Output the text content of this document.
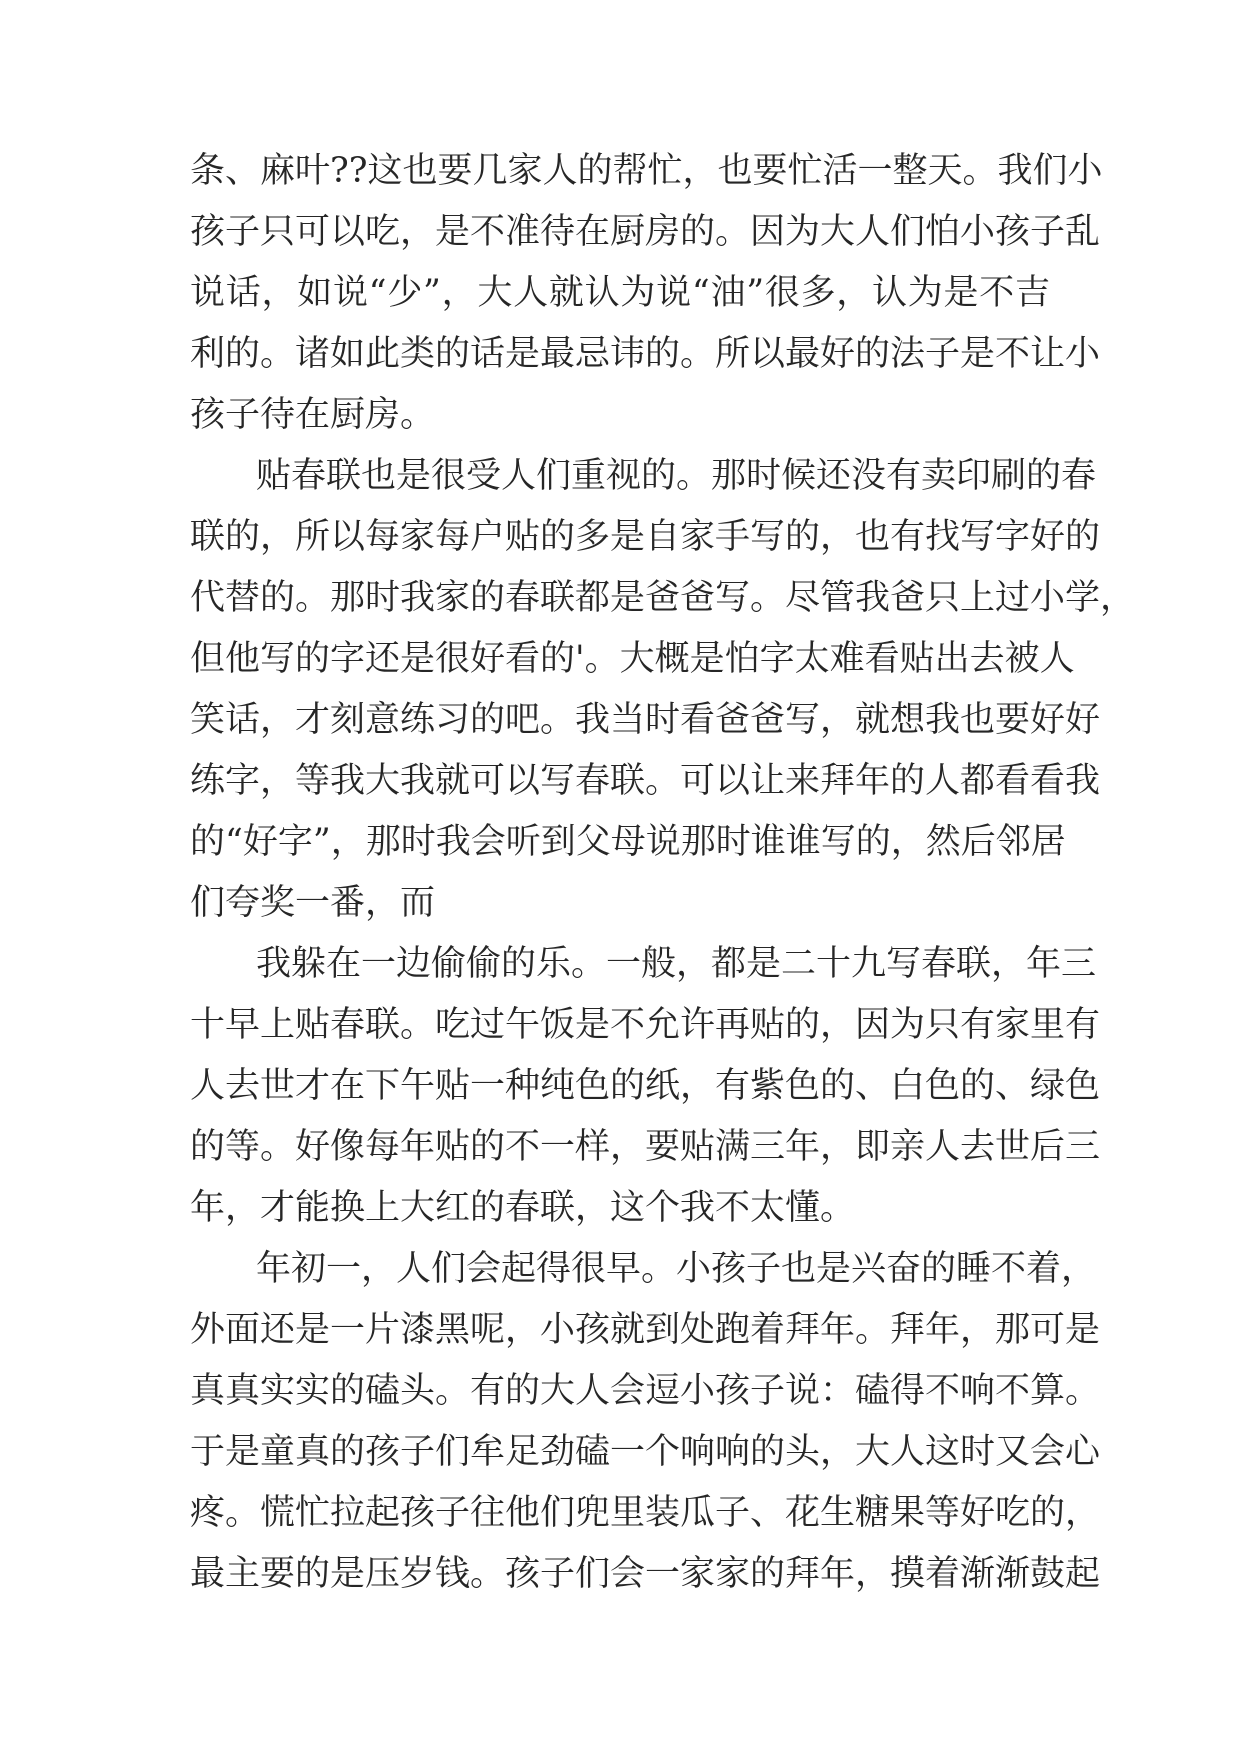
条、麻叶??这也要几家人的帮忙，也要忙活一整天。我们小
孩子只可以吃，是不准待在厨房的。因为大人们怕小孩子乱
说话，如说“少”，大人就认为说“油”很多，认为是不吉
利的。诸如此类的话是最忌讳的。所以最好的法子是不让小
孩子待在厨房。
贴春联也是很受人们重视的。那时候还没有卖印刷的春
联的，所以每家每户贴的多是自家手写的，也有找写字好的
代替的。那时我家的春联都是爸爸写。尽管我爸只上过小学，
但他写的字还是很好看的'。大概是怕字太难看贴出去被人
笑话，才刻意练习的吧。我当时看爸爸写，就想我也要好好
练字，等我大我就可以写春联。可以让来拜年的人都看看我
的“好字”，那时我会听到父母说那时谁谁写的，然后邻居
们夸奖一番，而
我躲在一边偷偷的乐。一般，都是二十九写春联，年三
十早上贴春联。吃过午饭是不允许再贴的，因为只有家里有
人去世才在下午贴一种纯色的纸，有紫色的、白色的、绿色
的等。好像每年贴的不一样，要贴满三年，即亲人去世后三
年，才能换上大红的春联，这个我不太懂。
年初一，人们会起得很早。小孩子也是兴奋的睡不着，
外面还是一片漆黑呢，小孩就到处跑着拜年。拜年，那可是
真真实实的磕头。有的大人会逗小孩子说：磕得不响不算。
于是童真的孩子们牟足劲磕一个响响的头，大人这时又会心
疼。慌忙拉起孩子往他们兜里装瓜子、花生糖果等好吃的，
最主要的是压岁钱。孩子们会一家家的拜年，摸着渐渐鼓起
